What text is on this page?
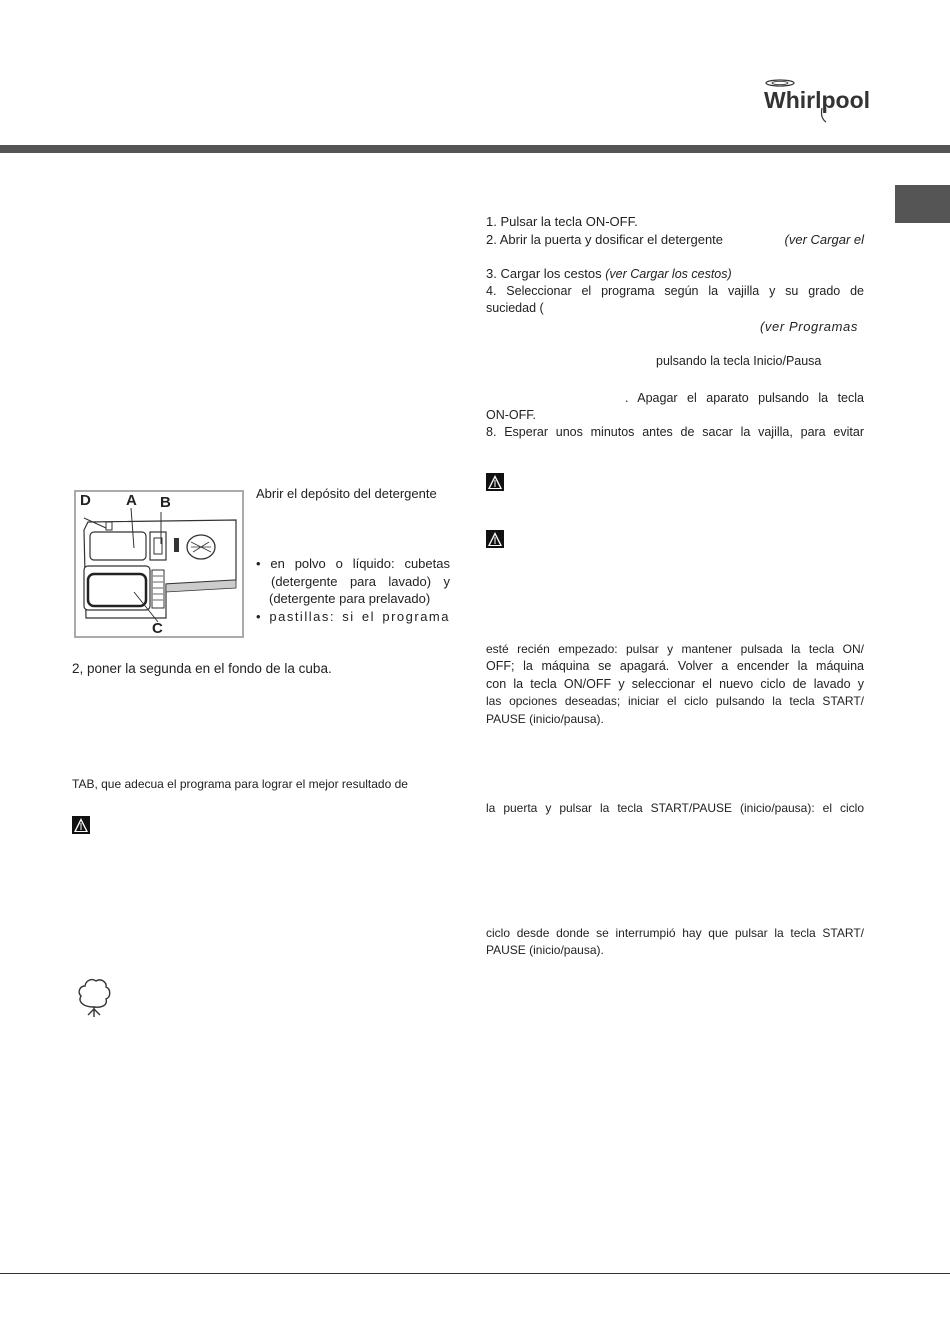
Whirlpool
D A B
C
Abrir el depósito del detergente
• en polvo o líquido: cubetas
(detergente para lavado) y
(detergente para prelavado)
• pastillas: si el programa
2, poner la segunda en el fondo de la cuba.
TAB, que adecua el programa para lograr el mejor resultado de
1. Pulsar la tecla ON-OFF.
2. Abrir la puerta y dosificar el detergente	(ver Cargar el
3. Cargar los cestos (ver Cargar los cestos)
4. Seleccionar el programa según la vajilla y su grado de
suciedad (
(ver Programas
pulsando la tecla Inicio/Pausa
. Apagar el aparato pulsando la tecla
ON-OFF.
8. Esperar unos minutos antes de sacar la vajilla, para evitar
esté recién empezado: pulsar y mantener pulsada la tecla ON/
OFF; la máquina se apagará. Volver a encender la máquina
con la tecla ON/OFF y seleccionar el nuevo ciclo de lavado y
las opciones deseadas; iniciar el ciclo pulsando la tecla START/
PAUSE (inicio/pausa).
la puerta y pulsar la tecla START/PAUSE (inicio/pausa): el ciclo
ciclo desde donde se interrumpió hay que pulsar la tecla START/
PAUSE (inicio/pausa).
